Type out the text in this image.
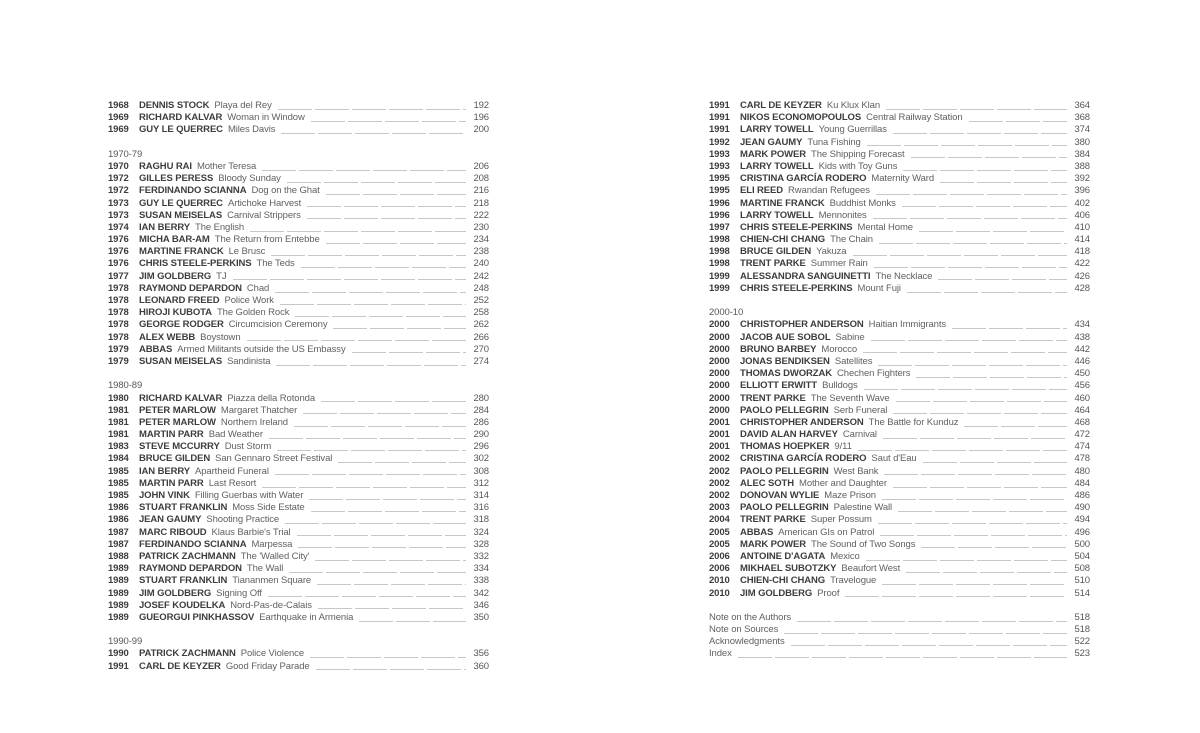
1968	DENNIS STOCK Playa del Rey	192
1969	RICHARD KALVAR Woman in Window	196
1969	GUY LE QUERREC Miles Davis	200
1970-79
1970	RAGHU RAI Mother Teresa	206
1972	GILLES PERESS Bloody Sunday	208
1972	FERDINANDO SCIANNA Dog on the Ghat	216
1973	GUY LE QUERREC Artichoke Harvest	218
1973	SUSAN MEISELAS Carnival Strippers	222
1974	IAN BERRY The English	230
1976	MICHA BAR-AM The Return from Entebbe	234
1976	MARTINE FRANCK Le Brusc	238
1976	CHRIS STEELE-PERKINS The Teds	240
1977	JIM GOLDBERG TJ	242
1978	RAYMOND DEPARDON Chad	248
1978	LEONARD FREED Police Work	252
1978	HIROJI KUBOTA The Golden Rock	258
1978	GEORGE RODGER Circumcision Ceremony	262
1978	ALEX WEBB Boystown	266
1979	ABBAS Armed Militants outside the US Embassy	270
1979	SUSAN MEISELAS Sandinista	274
1980-89
1980	RICHARD KALVAR Piazza della Rotonda	280
1981	PETER MARLOW Margaret Thatcher	284
1981	PETER MARLOW Northern Ireland	286
1981	MARTIN PARR Bad Weather	290
1983	STEVE MCCURRY Dust Storm	296
1984	BRUCE GILDEN San Gennaro Street Festival	302
1985	IAN BERRY Apartheid Funeral	308
1985	MARTIN PARR Last Resort	312
1985	JOHN VINK Filling Guerbas with Water	314
1986	STUART FRANKLIN Moss Side Estate	316
1986	JEAN GAUMY Shooting Practice	318
1987	MARC RIBOUD Klaus Barbie's Trial	324
1987	FERDINANDO SCIANNA Marpessa	328
1988	PATRICK ZACHMANN The 'Walled City'	332
1989	RAYMOND DEPARDON The Wall	334
1989	STUART FRANKLIN Tiananmen Square	338
1989	JIM GOLDBERG Signing Off	342
1989	JOSEF KOUDELKA Nord-Pas-de-Calais	346
1989	GUEORGUI PINKHASSOV Earthquake in Armenia	350
1990-99
1990	PATRICK ZACHMANN Police Violence	356
1991	CARL DE KEYZER Good Friday Parade	360
1991	CARL DE KEYZER Ku Klux Klan	364
1991	NIKOS ECONOMOPOULOS Central Railway Station	368
1991	LARRY TOWELL Young Guerrillas	374
1992	JEAN GAUMY Tuna Fishing	380
1993	MARK POWER The Shipping Forecast	384
1993	LARRY TOWELL Kids with Toy Guns	388
1995	CRISTINA GARCÍA RODERO Maternity Ward	392
1995	ELI REED Rwandan Refugees	396
1996	MARTINE FRANCK Buddhist Monks	402
1996	LARRY TOWELL Mennonites	406
1997	CHRIS STEELE-PERKINS Mental Home	410
1998	CHIEN-CHI CHANG The Chain	414
1998	BRUCE GILDEN Yakuza	418
1998	TRENT PARKE Summer Rain	422
1999	ALESSANDRA SANGUINETTI The Necklace	426
1999	CHRIS STEELE-PERKINS Mount Fuji	428
2000-10
2000	CHRISTOPHER ANDERSON Haitian Immigrants	434
2000	JACOB AUE SOBOL Sabine	438
2000	BRUNO BARBEY Morocco	442
2000	JONAS BENDIKSEN Satellites	446
2000	THOMAS DWORZAK Chechen Fighters	450
2000	ELLIOTT ERWITT Bulldogs	456
2000	TRENT PARKE The Seventh Wave	460
2000	PAOLO PELLEGRIN Serb Funeral	464
2001	CHRISTOPHER ANDERSON The Battle for Kunduz	468
2001	DAVID ALAN HARVEY Carnival	472
2001	THOMAS HOEPKER 9/11	474
2002	CRISTINA GARCÍA RODERO Saut d'Eau	478
2002	PAOLO PELLEGRIN West Bank	480
2002	ALEC SOTH Mother and Daughter	484
2002	DONOVAN WYLIE Maze Prison	486
2003	PAOLO PELLEGRIN Palestine Wall	490
2004	TRENT PARKE Super Possum	494
2005	ABBAS American GIs on Patrol	496
2005	MARK POWER The Sound of Two Songs	500
2006	ANTOINE D'AGATA Mexico	504
2006	MIKHAEL SUBOTZKY Beaufort West	508
2010	CHIEN-CHI CHANG Travelogue	510
2010	JIM GOLDBERG Proof	514
Note on the Authors	518
Note on Sources	518
Acknowledgments	522
Index	523
